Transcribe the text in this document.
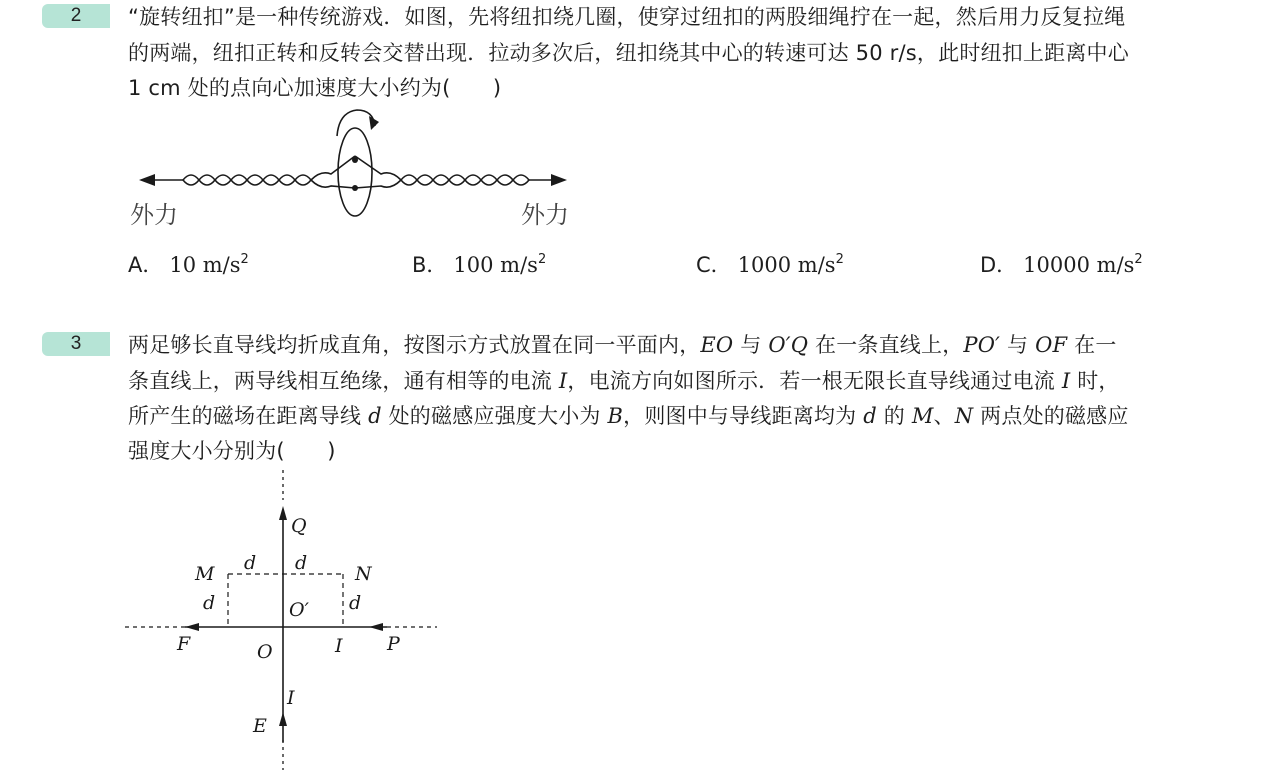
2 “旋转纽扣”是一种传统游戏．如图，先将纽扣绕几圈，使穿过纽扣的两股细绳拧在一起，然后用力反复拉绳
的两端，纽扣正转和反转会交替出现．拉动多次后，纽扣绕其中心的转速可达 50 r/s，此时纽扣上距离中心
1 cm 处的点向心加速度大小约为(　　)
外力	外力
A． 10 $m/s^2$	B． 100 $m/s^2$	C． 1000 $m/s^2$	D． 10000 $m/s^2$
3 两足够长直导线均折成直角，按图示方式放置在同一平面内，EO 与 O′Q 在一条直线上，PO′ 与 OF 在一
条直线上，两导线相互绝缘，通有相等的电流 I，电流方向如图所示．若一根无限长直导线通过电流 I 时，
所产生的磁场在距离导线 d 处的磁感应强度大小为 B，则图中与导线距离均为 d 的 M、N 两点处的磁感应
强度大小分别为(　　)
Q
M	N
d d
d	d
O′
F	O	I P
I
E
